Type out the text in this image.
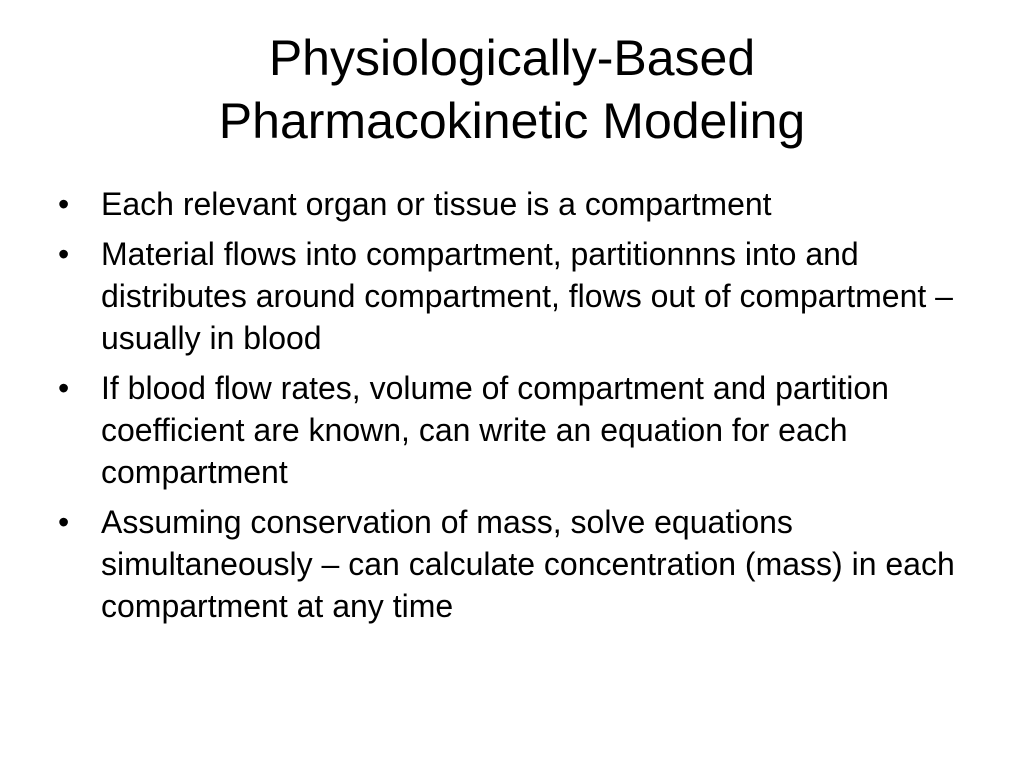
Physiologically-Based
Pharmacokinetic Modeling
• Each relevant organ or tissue is a compartment
• Material flows into compartment, partitionnns into and distributes around compartment, flows out of compartment – usually in blood
• If blood flow rates, volume of compartment and partition coefficient are known, can write an equation for each compartment
• Assuming conservation of mass, solve equations simultaneously – can calculate concentration (mass) in each compartment at any time
